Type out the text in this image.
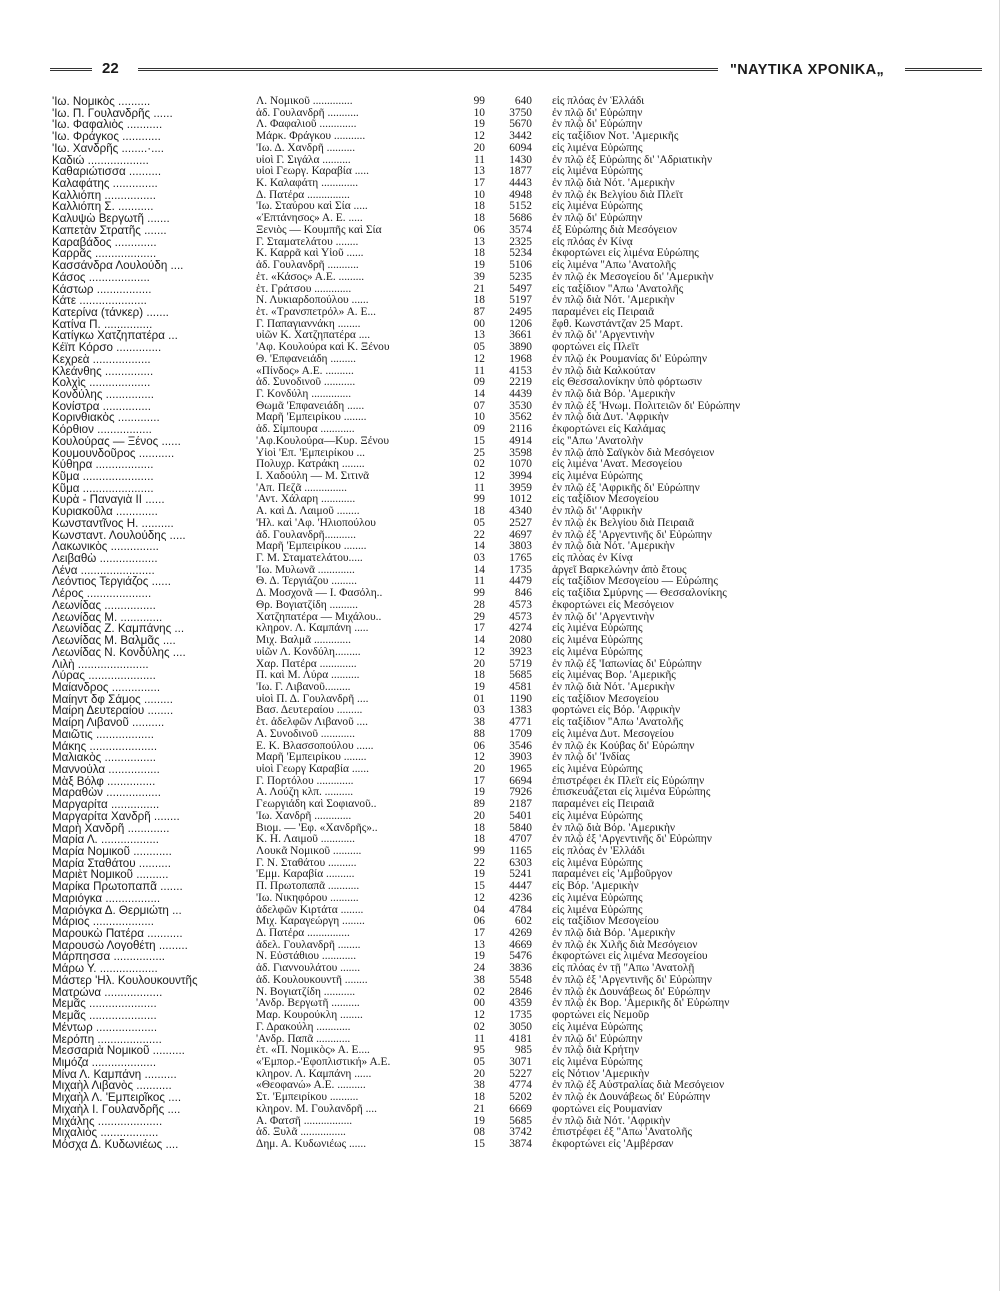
22	"ΝΑΥΤΙΚΑ ΧΡΟΝΙΚΑ„
'Ιω. Νομικὸς ..........	Λ. Νομικοῦ ..............	99	640 εἰς πλόας ἐν Ἑλλάδι
'Ιω. Π. Γουλανδρῆς ......	ἀδ. Γουλανδρῆ ...........	10	3750 ἐν πλῷ δι' Εὐρώπην
'Ιω. Φαφαλιὸς ...........	Λ. Φαφαλιοῦ .............	19	5670 ἐν πλῷ δι' Εὐρώπην
'Ιω. Φράγκος ............	Μάρκ. Φράγκου ...........	12	3442 εἰς ταξίδιον Νοτ. 'Αμερικῆς
'Ιω. Χανδρῆς ........·....	'Ιω. Δ. Χανδρῆ ..........	20	6094 εἰς λιμένα Εὐρώπης
Καδιώ ...................	υἱοὶ Γ. Σιγάλα ..........	11	1430 ἐν πλῷ ἐξ Εὐρώπης δι' 'Αδριατικὴν
Καθαριώτισσα ..........	υἱοὶ Γεωργ. Καραβία .....	13	1877 εἰς λιμένα Εὐρώπης
Καλαφάτης ..............	Κ. Καλαφάτη .............	17	4443 ἐν πλῷ διὰ Νότ. 'Αμερικὴν
Καλλιόπη ................	Δ. Πατέρα ...............	10	4948 ἐν πλῷ ἐκ Βελγίου διὰ Πλεῒτ
Καλλιόπη Σ. ...........	'Ιω. Σταύρου καὶ Σία .....	18	5152 εἰς λιμένα Εὐρώπης
Καλυψὼ Βεργωτῆ .......	«Ἐπτάνησος» Α. Ε. .....	18	5686 ἐν πλῷ δι' Εὐρώπην
Καπετὰν Στρατῆς .......	Ξενιὸς — Κουμπῆς καὶ Σία	06	3574 ἐξ Εὐρώπης διὰ Μεσόγειον
Καραβάδος .............	Γ. Σταματελάτου ........	13	2325 εἰς πλόας ἐν Κίνᾳ
Καρρᾶς ...................	Κ. Καρρᾶ καὶ Υἱοῦ ......	18	5234 ἐκφορτώνει εἰς λιμένα Εὐρώπης
Κασσάνδρα Λουλούδη ....	ἀδ. Γουλανδρῆ ...........	19	5106 εἰς λιμένα ''Απω 'Ανατολῆς
Κάσος ...................	ἑτ. «Κάσος» Α.Ε. .........	39	5235 ἐν πλῷ ἐκ Μεσογείου δι' 'Αμερικὴν
Κάστωρ .................	ἑτ. Γράτσου .............	21	5497 εἰς ταξίδιον ''Απω 'Ανατολῆς
Κάτε .....................	Ν. Λυκιαρδοπούλου ......	18	5197 ἐν πλῷ διὰ Νότ. 'Αμερικὴν
Κατερίνα (τάνκερ) .......	ἑτ. «Τρανσπετρόλ» Α. Ε...	87	2495 παραμένει εἰς Πειραιᾶ
Κατίνα Π. ...............	Γ. Παπαγιαννάκη ........	00	1206 ἔφθ. Κωνστάντζαν 25 Μαρτ.
Κατίγκω Χατζηπατέρα ...	υἱῶν Κ. Χατζηπατέρα ....	13	3661 ἐν πλῷ δι' 'Αργεντινὴν
Κέϊπ Κόρσο ..............	'Αφ. Κουλούρα καὶ Κ. Ξένου	05	3890 φορτώνει εἰς Πλεῒτ
Κεχρεὰ ..................	Θ. 'Επφανειάδη .........	12	1968 ἐν πλῷ ἐκ Ρουμανίας δι' Εὐρώπην
Κλεάνθης ...............	«Πίνδος» Α.Ε. ..........	11	4153 ἐν πλῷ διὰ Καλκούταν
Κολχὶς ...................	ἀδ. Συνοδινοῦ ...........	09	2219 εἰς Θεσσαλονίκην ὑπὸ φόρτωσιν
Κονδύλης ...............	Γ. Κονδύλη ..............	14	4439 ἐν πλῷ διὰ Βόρ. 'Αμερικὴν
Κονίστρα ...............	Θωμᾶ 'Επφανειάδη ......	07	3530 ἐν πλῷ ἐξ 'Ηνωμ. Πολιτειῶν δι' Εὐρώπην
Κορινθιακὸς .............	Μαρῆ 'Εμπειρίκου ........	10	3562 ἐν πλῷ διὰ Δυτ. 'Αφρικὴν
Κόρθιον .................	ἀδ. Σίμπουρα ............	09	2116 ἐκφορτώνει εἰς Καλάμας
Κουλούρας — Ξένος ......	'Αφ.Κουλούρα—Κυρ. Ξένου	15	4914 εἰς ''Απω 'Ανατολὴν
Κουμουνδοῦρος ...........	Υἱοὶ 'Επ. 'Εμπειρίκου ...	25	3598 ἐν πλῷ ἀπὸ Σαϊγκὸν διὰ Μεσόγειον
Κύθηρα ..................	Πολυχρ. Κατράκη ........	02	1070 εἰς λιμένα 'Ανατ. Μεσογείου
Κῦμα ......................	Ι. Χαδούλη — Μ. Σιτινᾶ	12	3994 εἰς λιμένα Εὐρώπης
Κῦμα ......................	'Απ. Πεζᾶ ...............	11	3959 ἐν πλῷ ἐξ 'Αφρικῆς δι' Εὐρώπην
Κυρὰ - Παναγιὰ ΙΙ ......	'Αντ. Χάλαρη ............	99	1012 εἰς ταξίδιον Μεσογείου
Κυριακοῦλα .............	Α. καὶ Δ. Λαιμοῦ ........	18	4340 ἐν πλῷ δι' 'Αφρικὴν
Κωνσταντῖνος Η. ..........	'Ηλ. καὶ 'Αφ. 'Ηλιοπούλου	05	2527 ἐν πλῷ ἐκ Βελγίου διὰ Πειραιᾶ
Κωνσταντ. Λουλούδης .....	ἀδ. Γουλανδρῆ...........	22	4697 ἐν πλῷ ἐξ 'Αργεντινῆς δι' Εὐρώπην
Λακωνικὸς ...............	Μαρῆ 'Εμπειρίκου ........	14	3803 ἐν πλῷ διὰ Νότ. 'Αμερικὴν
Λειβαθὼ ..................	Γ. Μ. Σταματελάτου.....	03	1765 εἰς πλόας ἐν Κίνᾳ
Λένα .......................	'Ιω. Μυλωνᾶ .............	14	1735 ἀργεῖ Βαρκελώνην ἀπὸ ἔτους
Λεόντιος Τεργιάζος ......	Θ. Δ. Τεργιάζου .........	11	4479 εἰς ταξίδιον Μεσογείου — Εὐρώπης
Λέρος ....................	Δ. Μοσχονᾶ — Ι. Φασόλη..	99	846 εἰς ταξίδια Σμύρνης — Θεσσαλονίκης
Λεωνίδας ................	Θρ. Βογιατζίδη ..........	28	4573 ἐκφορτώνει εἰς Μεσόγειον
Λεωνίδας Μ. .............	Χατζηπατέρα — Μιχάλου..	29	4573 ἐν πλῷ δι' 'Αργεντινὴν
Λεωνίδας Ζ. Καμπάνης ...	κληρον. Λ. Καμπάνη .....	17	4274 εἰς λιμένα Εὐρώπης
Λεωνίδας Μ. Βαλμᾶς ....	Μιχ. Βαλμᾶ .............	14	2080 εἰς λιμένα Εὐρώπης
Λεωνίδας Ν. Κονδύλης ....	υἱῶν Λ. Κονδύλη.........	12	3923 εἰς λιμένα Εὐρώπης
Λιλὴ ......................	Χαρ. Πατέρα .............	20	5719 ἐν πλῷ ἐξ 'Ιαπωνίας δι' Εὐρώπην
Λύρας .....................	Π. καὶ Μ. Λύρα ..........	18	5685 εἰς λιμένας Βορ. 'Αμερικῆς
Μαίανδρος ...............	'Ιω. Γ. Λιβανοῦ.........	19	4581 ἐν πλῷ διὰ Νότ. 'Αμερικὴν
Μαίηντ δφ Σάμος .........	υἱοὶ Π. Δ. Γουλανδρῆ ....	01	1190 εἰς ταξίδιον Μεσογείου
Μαίρη Δευτεραίου ........	Βασ. Δευτεραίου .........	03	1383 φορτώνει εἰς Βόρ. 'Αφρικὴν
Μαίρη Λιβανοῦ ..........	ἑτ. ἀδελφῶν Λιβανοῦ ....	38	4771 εἰς ταξίδιον ''Απω 'Ανατολῆς
Μαιῶτις ..................	Α. Συνοδινοῦ ............	88	1709 εἰς λιμένα Δυτ. Μεσογείου
Μάκης .....................	Ε. Κ. Βλασσοπούλου ......	06	3546 ἐν πλῷ ἐκ Κούβας δι' Εὐρώπην
Μαλιακὸς ................	Μαρῆ 'Εμπειρίκου ........	12	3903 ἐν πλῷ δι' 'Ινδίας
Μαννούλα ................	υἱοὶ Γεωργ Καραβία ......	20	1965 εἰς λιμένα Εὐρώπης
Μὰξ Βόλφ ...............	Γ. Πορτόλου .............	17	6694 ἐπιστρέφει ἐκ Πλεῒτ εἰς Εὐρώπην
Μαραθὼν .................	Α. Λούζη κλπ. ..........	19	7926 ἐπισκευάζεται εἰς λιμένα Εὐρώπης
Μαργαρίτα ...............	Γεωργιάδη καὶ Σοφιανοῦ..	89	2187 παραμένει εἰς Πειραιᾶ
Μαργαρίτα Χανδρῆ ........	'Ιω. Χανδρῆ .............	20	5401 εἰς λιμένα Εὐρώπης
Μαρὴ Χανδρῆ .............	Βιομ. — 'Εφ. «Χανδρῆς»..	18	5840 ἐν πλῷ διὰ Βόρ. 'Αμερικὴν
Μαρία Λ. ..................	Κ. Η. Λαιμοῦ ............	18	4707 ἐν πλῷ ἐξ 'Αργεντινῆς δι' Εὐρώπην
Μαρία Νομικοῦ ............	Λουκᾶ Νομικοῦ ..........	99	1165 εἰς πλόας ἐν 'Ελλάδι
Μαρία Σταθάτου ..........	Γ. Ν. Σταθάτου ..........	22	6303 εἰς λιμένα Εὐρώπης
Μαριὲτ Νομικοῦ ..........	'Εμμ. Καραβία ..........	19	5241 παραμένει εἰς 'Αμβοῦργον
Μαρίκα Πρωτοπαπᾶ .......	Π. Πρωτοπαπᾶ ...........	15	4447 εἰς Βόρ. 'Αμερικὴν
Μαριόγκα .................	'Ιω. Νικηφόρου ..........	12	4236 εἰς λιμένα Εὐρώπης
Μαριόγκα Δ. Θερμιώτη ...	ἀδελφῶν Κιρτάτα ........	04	4784 εἰς λιμένα Εὐρώπης
Μάριος ...................	Μιχ. Καραγεώργη ........	06	602 εἰς ταξίδιον Μεσογείου
Μαρουκὼ Πατέρα ...........	Δ. Πατέρα ...............	17	4269 ἐν πλῷ διὰ Βόρ. 'Αμερικὴν
Μαρουσὼ Λογοθέτη .........	ἀδελ. Γουλανδρῆ ........	13	4669 ἐν πλῷ ἐκ Χιλῆς διὰ Μεσόγειον
Μάρπησσα ................	Ν. Εὐστάθιου ............	19	5476 ἐκφορτώνει εἰς λιμένα Μεσογείου
Μάρω Υ. ..................	ἀδ. Γιαννουλάτου .......	24	3836 εἰς πλόας ἐν τῇ ''Απω 'Ανατολῇ
Μάστερ 'Ηλ. Κουλουκουντῆς	ἀδ. Κουλουκουντῆ ........	38	5548 ἐν πλῷ ἐξ 'Αργεντινῆς δι' Εὐρώπην
Ματρώνα ..................	Ν. Βογιατζίδη ...........	02	2846 ἐν πλῷ ἐκ Δουνάβεως δι' Εὐρώπην
Μεμᾶς .....................	'Ανδρ. Βεργωτῆ ..........	00	4359 ἐν πλῷ ἐκ Βορ. 'Αμερικῆς δι' Εὐρώπην
Μεμᾶς .....................	Μαρ. Κουρούκλη ........	12	1735 φορτώνει εἰς Νεμοῦρ
Μέντωρ ...................	Γ. Δρακούλη ............	02	3050 εἰς λιμένα Εὐρώπης
Μερόπη ....................	'Ανδρ. Παπᾶ ............	11	4181 ἐν πλῷ δι' Εὐρώπην
Μεσσαριὰ Νομικοῦ ..........	ἑτ. «Π. Νομικὸς» Α. Ε....	95	985 ἐν πλῷ διὰ Κρήτην
Μιμόζα ....................	«'Εμπορ.-'Εφοπλιστική» Α.Ε.	05	3071 εἰς λιμένα Εὐρώπης
Μίνα Λ. Καμπάνη ..........	κληρον. Λ. Καμπάνη ......	20	5227 εἰς Νότιον 'Αμερικὴν
Μιχαὴλ Λιβανὸς ...........	«Θεοφανώ» Α.Ε. ..........	38	4774 ἐν πλῷ ἐξ Αὐστραλίας διὰ Μεσόγειον
Μιχαὴλ Λ. 'Εμπειρῖκος ....	Στ. 'Εμπειρίκου ..........	18	5202 ἐν πλῷ ἐκ Δουνάβεως δι' Εὐρώπην
Μιχαὴλ Ι. Γουλανδρῆς ....	κληρον. Μ. Γουλανδρῆ ....	21	6669 φορτώνει εἰς Ρουμανίαν
Μιχάλης ....................	Α. Φατσῆ .................	19	5685 ἐν πλῷ διὰ Νότ. 'Αφρικὴν
Μιχαλιὸς ..................	ἀδ. Ξυλᾶ ................	08	3742 ἐπιστρέφει ἐξ ''Απω 'Ανατολῆς
Μόσχα Δ. Κυδωνιέως ....	Δημ. Α. Κυδωνιέως ......	15	3874 ἐκφορτώνει εἰς 'Αμβέρσαν
